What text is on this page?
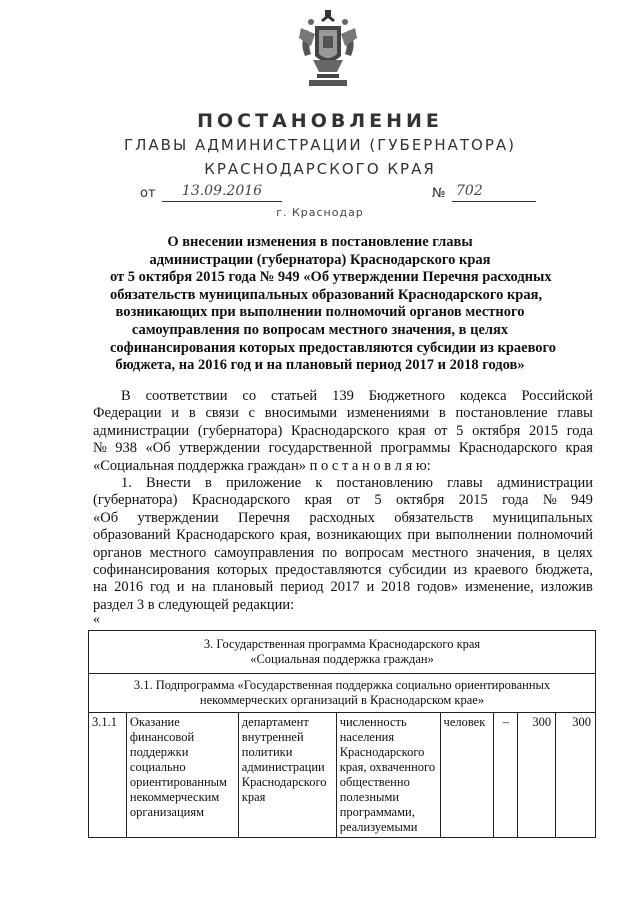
ПОСТАНОВЛЕНИЕ
ГЛАВЫ АДМИНИСТРАЦИИ (ГУБЕРНАТОРА)
КРАСНОДАРСКОГО КРАЯ
от	13.09.2016	№ 702
г. Краснодар
О внесении изменения в постановление главы
администрации (губернатора) Краснодарского края
от 5 октября 2015 года № 949 «Об утверждении Перечня расходных
обязательств муниципальных образований Краснодарского края,
возникающих при выполнении полномочий органов местного
самоуправления по вопросам местного значения, в целях
софинансирования которых предоставляются субсидии из краевого
бюджета, на 2016 год и на плановый период 2017 и 2018 годов»
В соответствии со статьей 139 Бюджетного кодекса Российской
Федерации и в связи с вносимыми изменениями в постановление главы
администрации (губернатора) Краснодарского края от 5 октября 2015 года
№ 938 «Об утверждении государственной программы Краснодарского края
«Социальная поддержка граждан» п о с т а н о в л я ю:
1. Внести в приложение к постановлению главы администрации
(губернатора) Краснодарского края от 5 октября 2015 года № 949
«Об утверждении Перечня расходных обязательств муниципальных
образований Краснодарского края, возникающих при выполнении полномочий
органов местного самоуправления по вопросам местного значения, в целях
софинансирования которых предоставляются субсидии из краевого бюджета,
на 2016 год и на плановый период 2017 и 2018 годов» изменение, изложив
раздел 3 в следующей редакции:
«
3. Государственная программа Краснодарского края
«Социальная поддержка граждан»

3.1. Подпрограмма «Государственная поддержка социально ориентированных
некоммерческих организаций в Краснодарском крае»

3.1.1	Оказание финансовой поддержки социально ориентированным некоммерческим организациям	департамент внутренней политики администрации Краснодарского края	численность населения Краснодарского края, охваченного общественно полезными программами, реализуемыми	человек	–	300	300
